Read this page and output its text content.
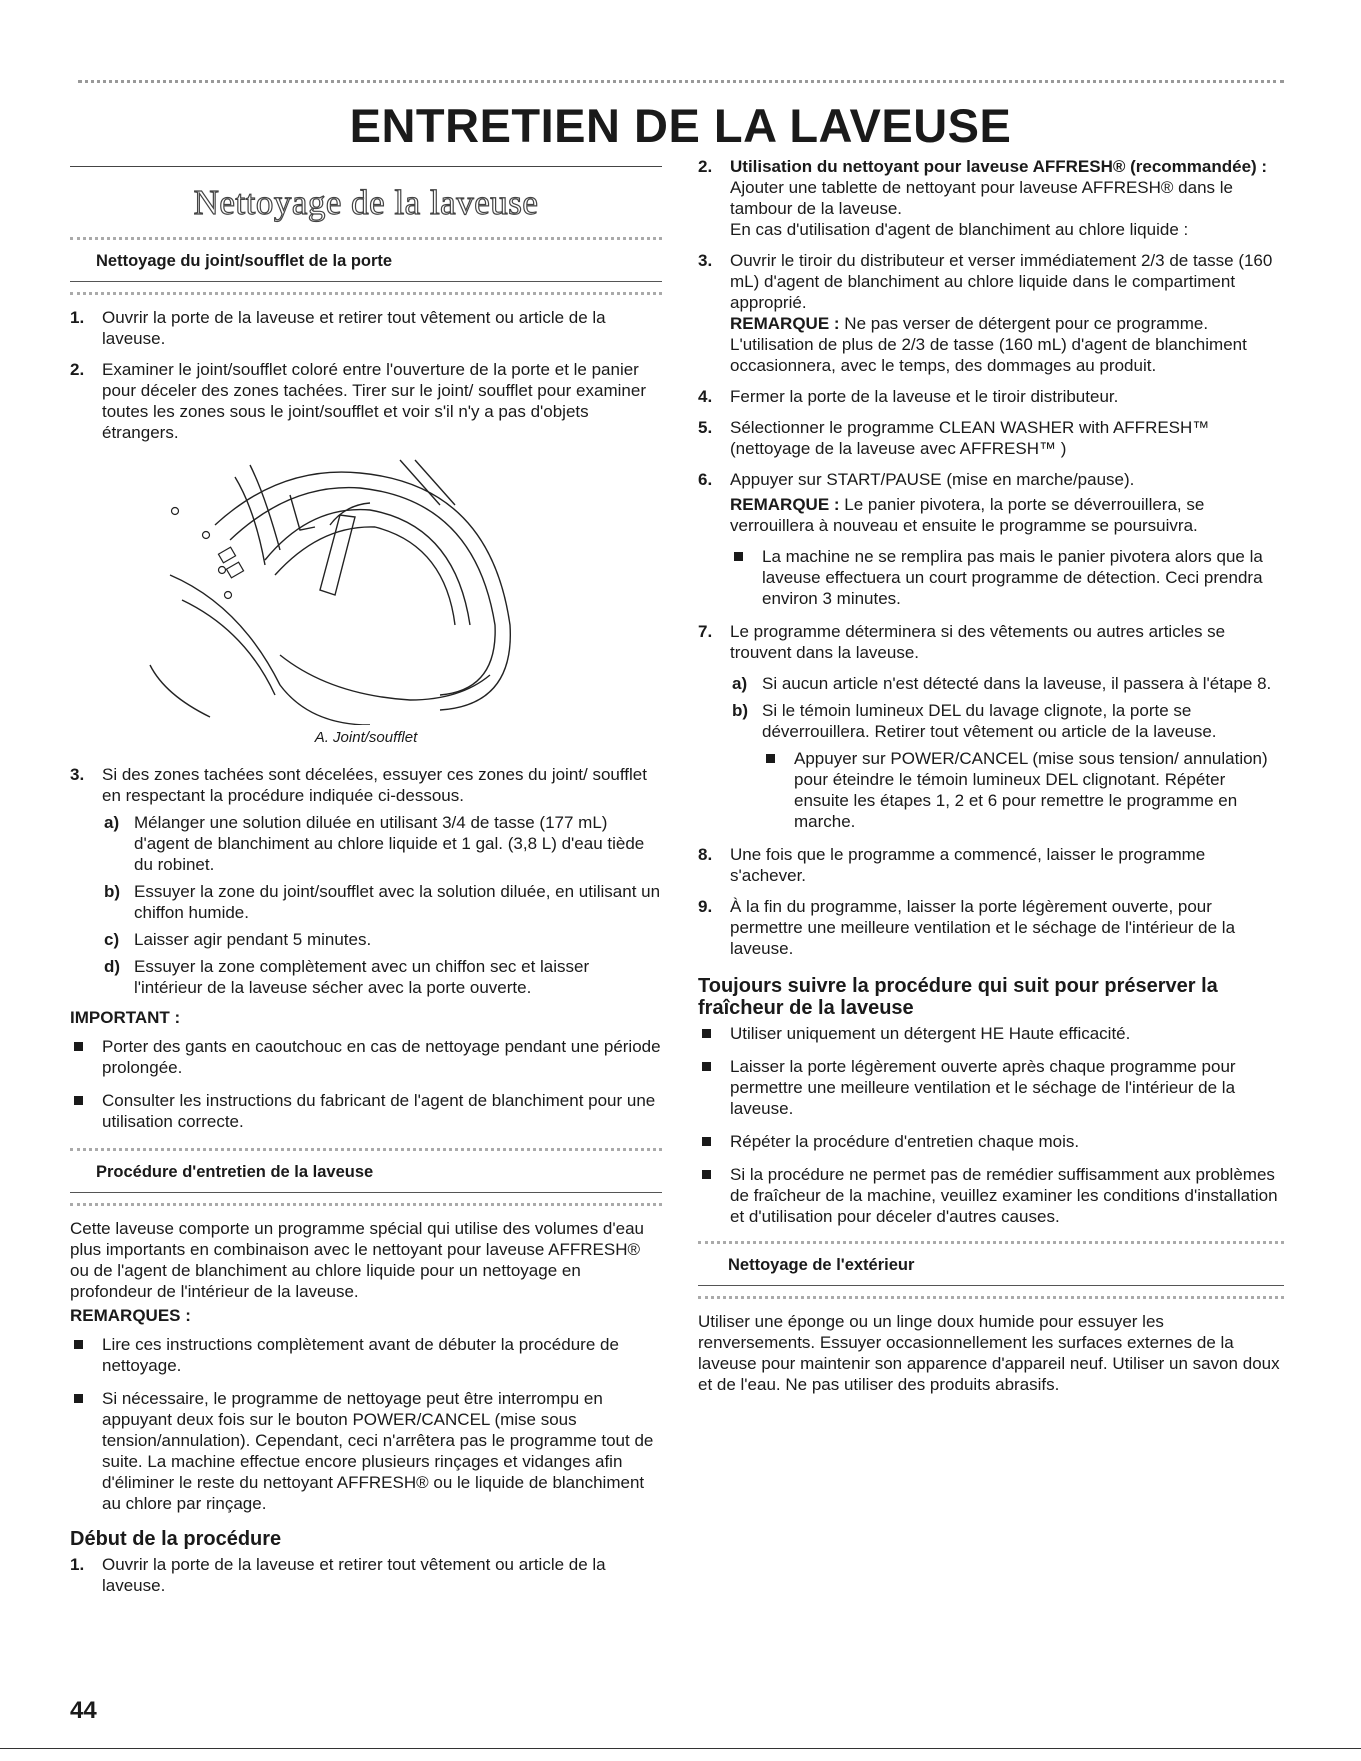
ENTRETIEN DE LA LAVEUSE
Nettoyage de la laveuse
Nettoyage du joint/soufflet de la porte
1. Ouvrir la porte de la laveuse et retirer tout vêtement ou article de la laveuse.
2. Examiner le joint/soufflet coloré entre l'ouverture de la porte et le panier pour déceler des zones tachées. Tirer sur le joint/ soufflet pour examiner toutes les zones sous le joint/soufflet et voir s'il n'y a pas d'objets étrangers.
A. Joint/soufflet
3. Si des zones tachées sont décelées, essuyer ces zones du joint/ soufflet en respectant la procédure indiquée ci-dessous.
a) Mélanger une solution diluée en utilisant 3/4 de tasse (177 mL) d'agent de blanchiment au chlore liquide et 1 gal. (3,8 L) d'eau tiède du robinet.
b) Essuyer la zone du joint/soufflet avec la solution diluée, en utilisant un chiffon humide.
c) Laisser agir pendant 5 minutes.
d) Essuyer la zone complètement avec un chiffon sec et laisser l'intérieur de la laveuse sécher avec la porte ouverte.
IMPORTANT :
Porter des gants en caoutchouc en cas de nettoyage pendant une période prolongée.
Consulter les instructions du fabricant de l'agent de blanchiment pour une utilisation correcte.
Procédure d'entretien de la laveuse

Cette laveuse comporte un programme spécial qui utilise des volumes d'eau plus importants en combinaison avec le nettoyant pour laveuse AFFRESH® ou de l'agent de blanchiment au chlore liquide pour un nettoyage en profondeur de l'intérieur de la laveuse.

REMARQUES :
Lire ces instructions complètement avant de débuter la procédure de nettoyage.
Si nécessaire, le programme de nettoyage peut être interrompu en appuyant deux fois sur le bouton POWER/CANCEL (mise sous tension/annulation). Cependant, ceci n'arrêtera pas le programme tout de suite. La machine effectue encore plusieurs rinçages et vidanges afin d'éliminer le reste du nettoyant AFFRESH® ou le liquide de blanchiment au chlore par rinçage.
Début de la procédure
1. Ouvrir la porte de la laveuse et retirer tout vêtement ou article de la laveuse.
2. Utilisation du nettoyant pour laveuse AFFRESH® (recommandée) :
Ajouter une tablette de nettoyant pour laveuse AFFRESH® dans le tambour de la laveuse.
En cas d'utilisation d'agent de blanchiment au chlore liquide :
3. Ouvrir le tiroir du distributeur et verser immédiatement 2/3 de tasse (160 mL) d'agent de blanchiment au chlore liquide dans le compartiment approprié.
REMARQUE : Ne pas verser de détergent pour ce programme. L'utilisation de plus de 2/3 de tasse (160 mL) d'agent de blanchiment occasionnera, avec le temps, des dommages au produit.
4. Fermer la porte de la laveuse et le tiroir distributeur.
5. Sélectionner le programme CLEAN WASHER with AFFRESH™ (nettoyage de la laveuse avec AFFRESH™ )
6. Appuyer sur START/PAUSE (mise en marche/pause).
REMARQUE : Le panier pivotera, la porte se déverrouillera, se verrouillera à nouveau et ensuite le programme se poursuivra.
La machine ne se remplira pas mais le panier pivotera alors que la laveuse effectuera un court programme de détection. Ceci prendra environ 3 minutes.
7. Le programme déterminera si des vêtements ou autres articles se trouvent dans la laveuse.
a) Si aucun article n'est détecté dans la laveuse, il passera à l'étape 8.
b) Si le témoin lumineux DEL du lavage clignote, la porte se déverrouillera. Retirer tout vêtement ou article de la laveuse.
Appuyer sur POWER/CANCEL (mise sous tension/ annulation) pour éteindre le témoin lumineux DEL clignotant. Répéter ensuite les étapes 1, 2 et 6 pour remettre le programme en marche.
8. Une fois que le programme a commencé, laisser le programme s'achever.
9. À la fin du programme, laisser la porte légèrement ouverte, pour permettre une meilleure ventilation et le séchage de l'intérieur de la laveuse.
Toujours suivre la procédure qui suit pour préserver la fraîcheur de la laveuse
Utiliser uniquement un détergent HE Haute efficacité.
Laisser la porte légèrement ouverte après chaque programme pour permettre une meilleure ventilation et le séchage de l'intérieur de la laveuse.
Répéter la procédure d'entretien chaque mois.
Si la procédure ne permet pas de remédier suffisamment aux problèmes de fraîcheur de la machine, veuillez examiner les conditions d'installation et d'utilisation pour déceler d'autres causes.
Nettoyage de l'extérieur

Utiliser une éponge ou un linge doux humide pour essuyer les renversements. Essuyer occasionnellement les surfaces externes de la laveuse pour maintenir son apparence d'appareil neuf. Utiliser un savon doux et de l'eau. Ne pas utiliser des produits abrasifs.

44
